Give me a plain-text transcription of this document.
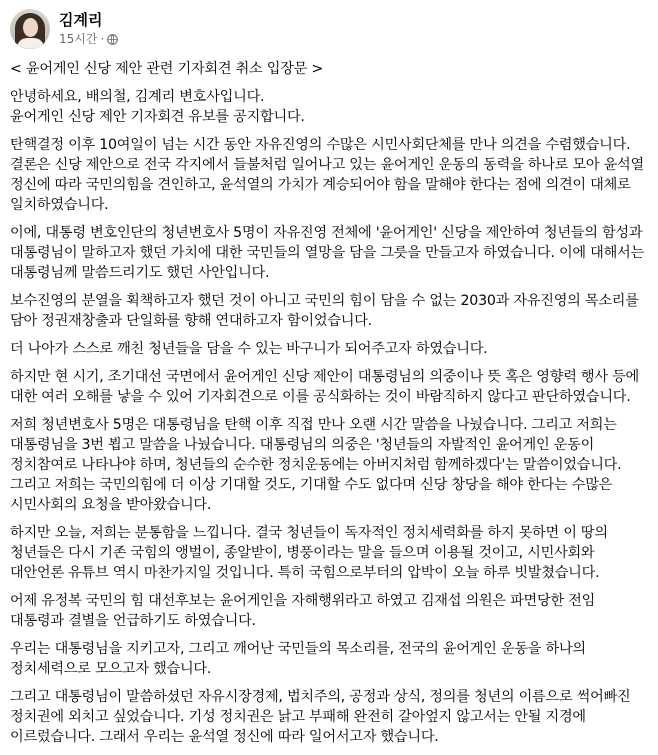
김계리
15시간 ·

< 윤어게인 신당 제안 관련 기자회견 취소 입장문 >

안녕하세요, 배의철, 김계리 변호사입니다.

윤어게인 신당 제안 기자회견 유보를 공지합니다.

탄핵결정 이후 10여일이 넘는 시간 동안 자유진영의 수많은 시민사회단체를 만나 의견을 수렴했습니다. 결론은 신당 제안으로 전국 각지에서 들불처럼 일어나고 있는 윤어게인 운동의 동력을 하나로 모아 윤석열 정신에 따라 국민의힘을 견인하고, 윤석열의 가치가 계승되어야 함을 말해야 한다는 점에 의견이 대체로 일치하였습니다.

이에, 대통령 변호인단의 청년변호사 5명이 자유진영 전체에 '윤어게인' 신당을 제안하여 청년들의 함성과 대통령님이 말하고자 했던 가치에 대한 국민들의 열망을 담을 그릇을 만들고자 하였습니다. 이에 대해서는 대통령님께 말씀드리기도 했던 사안입니다.

보수진영의 분열을 획책하고자 했던 것이 아니고 국민의 힘이 담을 수 없는 2030과 자유진영의 목소리를 담아 정권재창출과 단일화를 향해 연대하고자 함이었습니다.

더 나아가 스스로 깨친 청년들을 담을 수 있는 바구니가 되어주고자 하였습니다.

하지만 현 시기, 조기대선 국면에서 윤어게인 신당 제안이 대통령님의 의중이나 뜻 혹은 영향력 행사 등에 대한 여러 오해를 낳을 수 있어 기자회견으로 이를 공식화하는 것이 바람직하지 않다고 판단하였습니다.

저희 청년변호사 5명은 대통령님을 탄핵 이후 직접 만나 오랜 시간 말씀을 나눴습니다. 그리고 저희는 대통령님을 3번 뵙고 말씀을 나눴습니다. 대통령님의 의중은 '청년들의 자발적인 윤어게인 운동이 정치참여로 나타나야 하며, 청년들의 순수한 정치운동에는 아버지처럼 함께하겠다'는 말씀이었습니다. 그리고 저희는 국민의힘에 더 이상 기대할 것도, 기대할 수도 없다며 신당 창당을 해야 한다는 수많은 시민사회의 요청을 받아왔습니다.

하지만 오늘, 저희는 분통함을 느낍니다. 결국 청년들이 독자적인 정치세력화를 하지 못하면 이 땅의 청년들은 다시 기존 국힘의 앵벌이, 종알받이, 병풍이라는 말을 들으며 이용될 것이고, 시민사회와 대안언론 유튜브 역시 마찬가지일 것입니다. 특히 국힘으로부터의 압박이 오늘 하루 빗발쳤습니다.

어제 유정복 국민의 힘 대선후보는 윤어게인을 자해행위라고 하였고 김재섭 의원은 파면당한 전임 대통령과 결별을 언급하기도 하였습니다.

우리는 대통령님을 지키고자, 그리고 깨어난 국민들의 목소리를, 전국의 윤어게인 운동을 하나의 정치세력으로 모으고자 했습니다.

그리고 대통령님이 말씀하셨던 자유시장경제, 법치주의, 공정과 상식, 정의를 청년의 이름으로 썩어빠진 정치권에 외치고 싶었습니다. 기성 정치권은 낡고 부패해 완전히 갈아엎지 않고서는 안될 지경에 이르렀습니다. 그래서 우리는 윤석열 정신에 따라 일어서고자 했습니다.
